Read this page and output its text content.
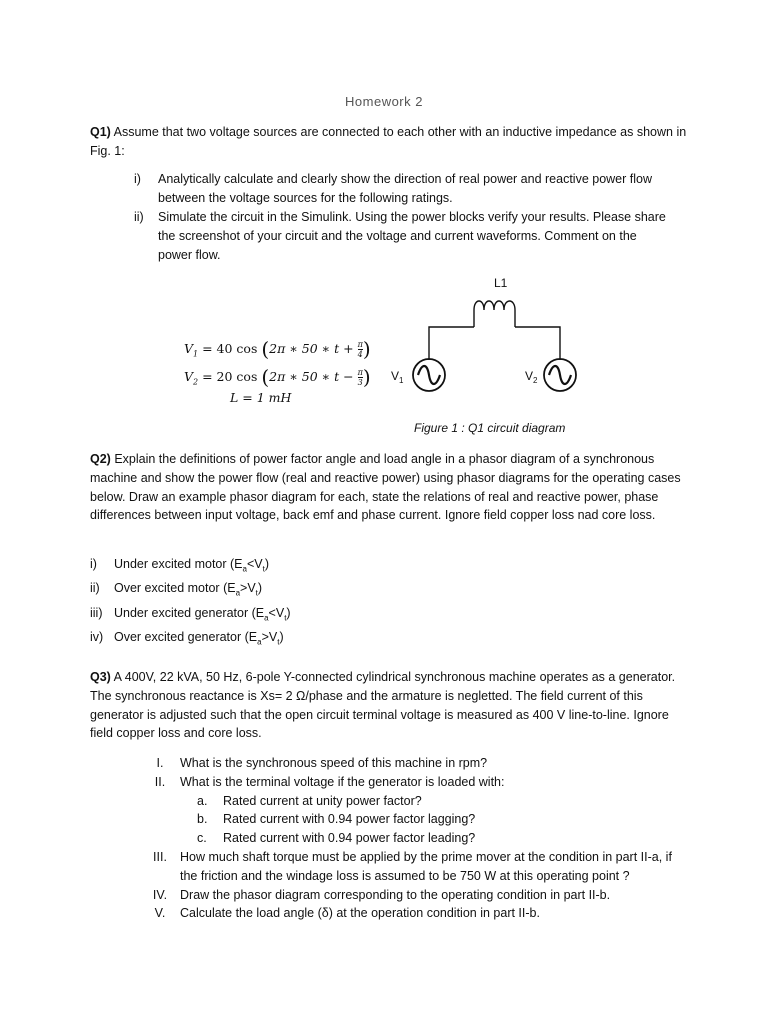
Homework 2
Q1) Assume that two voltage sources are connected to each other with an inductive impedance as shown in Fig. 1:
i) Analytically calculate and clearly show the direction of real power and reactive power flow
between the voltage sources for the following ratings.
ii) Simulate the circuit in the Simulink. Using the power blocks verify your results. Please share
the screenshot of your circuit and the voltage and current waveforms. Comment on the
power flow.
$V_1 = 40$ cos (2π ∗ 50 ∗ $t + \frac{\pi}{4}$)
$V_2 = 20$ cos (2π ∗ 50 ∗ $t - \frac{\pi}{3}$)
L = 1 mH
L1
$V_1$	$V_2$
Figure 1 : Q1 circuit diagram
Q2) Explain the definitions of power factor angle and load angle in a phasor diagram of a synchronous machine and show the power flow (real and reactive power) using phasor diagrams for the operating cases below. Draw an example phasor diagram for each, state the relations of real and reactive power, phase differences between input voltage, back emf and phase current. Ignore field copper loss nad core loss.
i) Under excited motor $(E_a<V_t)$
ii) Over excited motor $(E_a>V_t)$
iii) Under excited generator $(E_a<V_t)$
iv) Over excited generator $(E_a>V_t)$
Q3) A 400V, 22 kVA, 50 Hz, 6-pole Y-connected cylindrical synchronous machine operates as a generator. The synchronous reactance is Xs= 2 Ω/phase and the armature is negletted. The field current of this generator is adjusted such that the open circuit terminal voltage is measured as 400 V line-to-line. Ignore field copper loss and core loss.
I. What is the synchronous speed of this machine in rpm?
II. What is the terminal voltage if the generator is loaded with:
a. Rated current at unity power factor?
b. Rated current with 0.94 power factor lagging?
c. Rated current with 0.94 power factor leading?
III.	How much shaft torque must be applied by the prime mover at the condition in part II-a, if the friction and the windage loss is assumed to be 750 W at this operating point ?
IV. Draw the phasor diagram corresponding to the operating condition in part II-b.
V. Calculate the load angle (δ) at the operation condition in part II-b.
